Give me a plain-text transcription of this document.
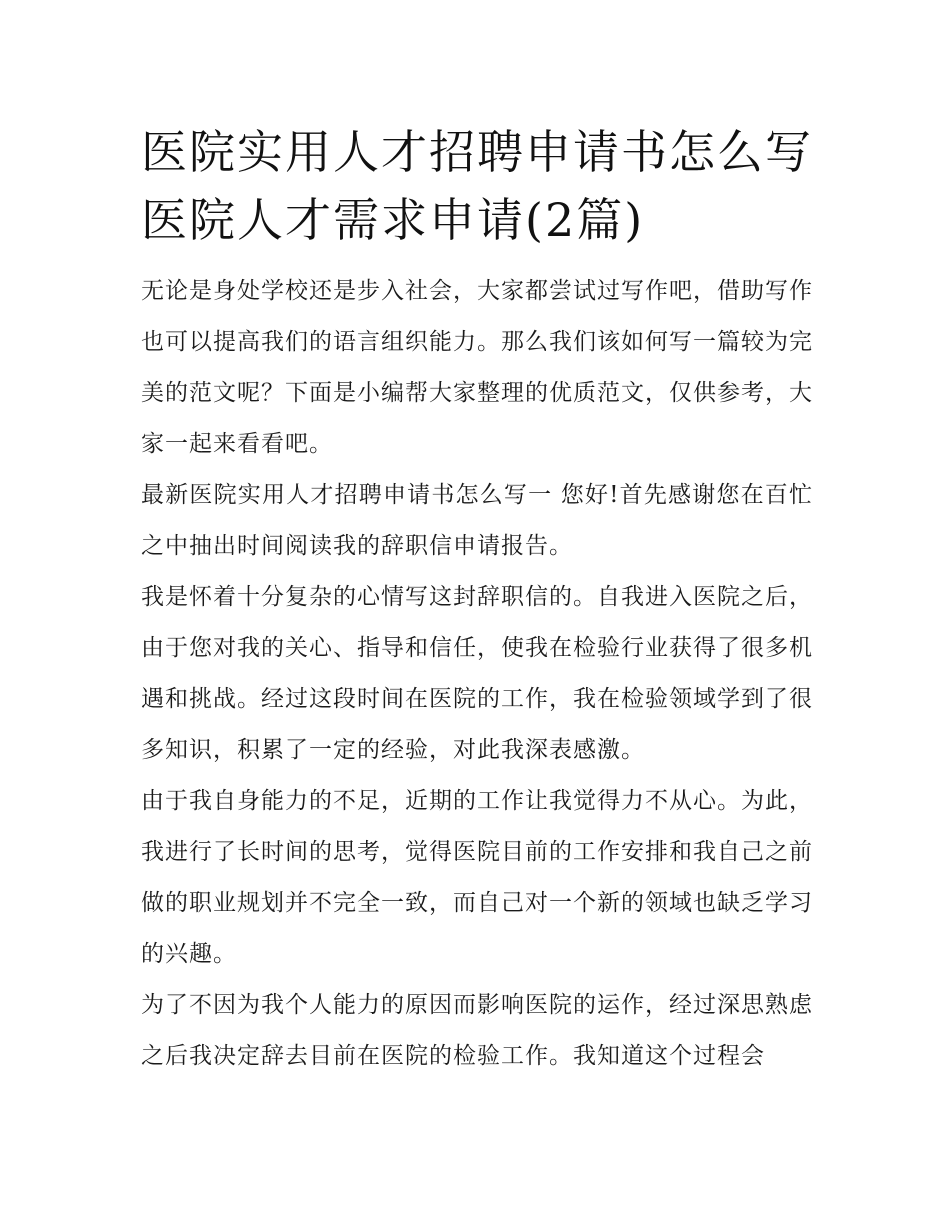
医院实用人才招聘申请书怎么写 医院人才需求申请(2篇)

无论是身处学校还是步入社会，大家都尝试过写作吧，借助写作也可以提高我们的语言组织能力。那么我们该如何写一篇较为完美的范文呢？下面是小编帮大家整理的优质范文，仅供参考，大家一起来看看吧。

最新医院实用人才招聘申请书怎么写一 您好!首先感谢您在百忙之中抽出时间阅读我的辞职信申请报告。

我是怀着十分复杂的心情写这封辞职信的。自我进入医院之后，由于您对我的关心、指导和信任，使我在检验行业获得了很多机遇和挑战。经过这段时间在医院的工作，我在检验领域学到了很多知识，积累了一定的经验，对此我深表感激。

由于我自身能力的不足，近期的工作让我觉得力不从心。为此，我进行了长时间的思考，觉得医院目前的工作安排和我自己之前做的职业规划并不完全一致，而自己对一个新的领域也缺乏学习的兴趣。

为了不因为我个人能力的原因而影响医院的运作，经过深思熟虑之后我决定辞去目前在医院的检验工作。我知道这个过程会
